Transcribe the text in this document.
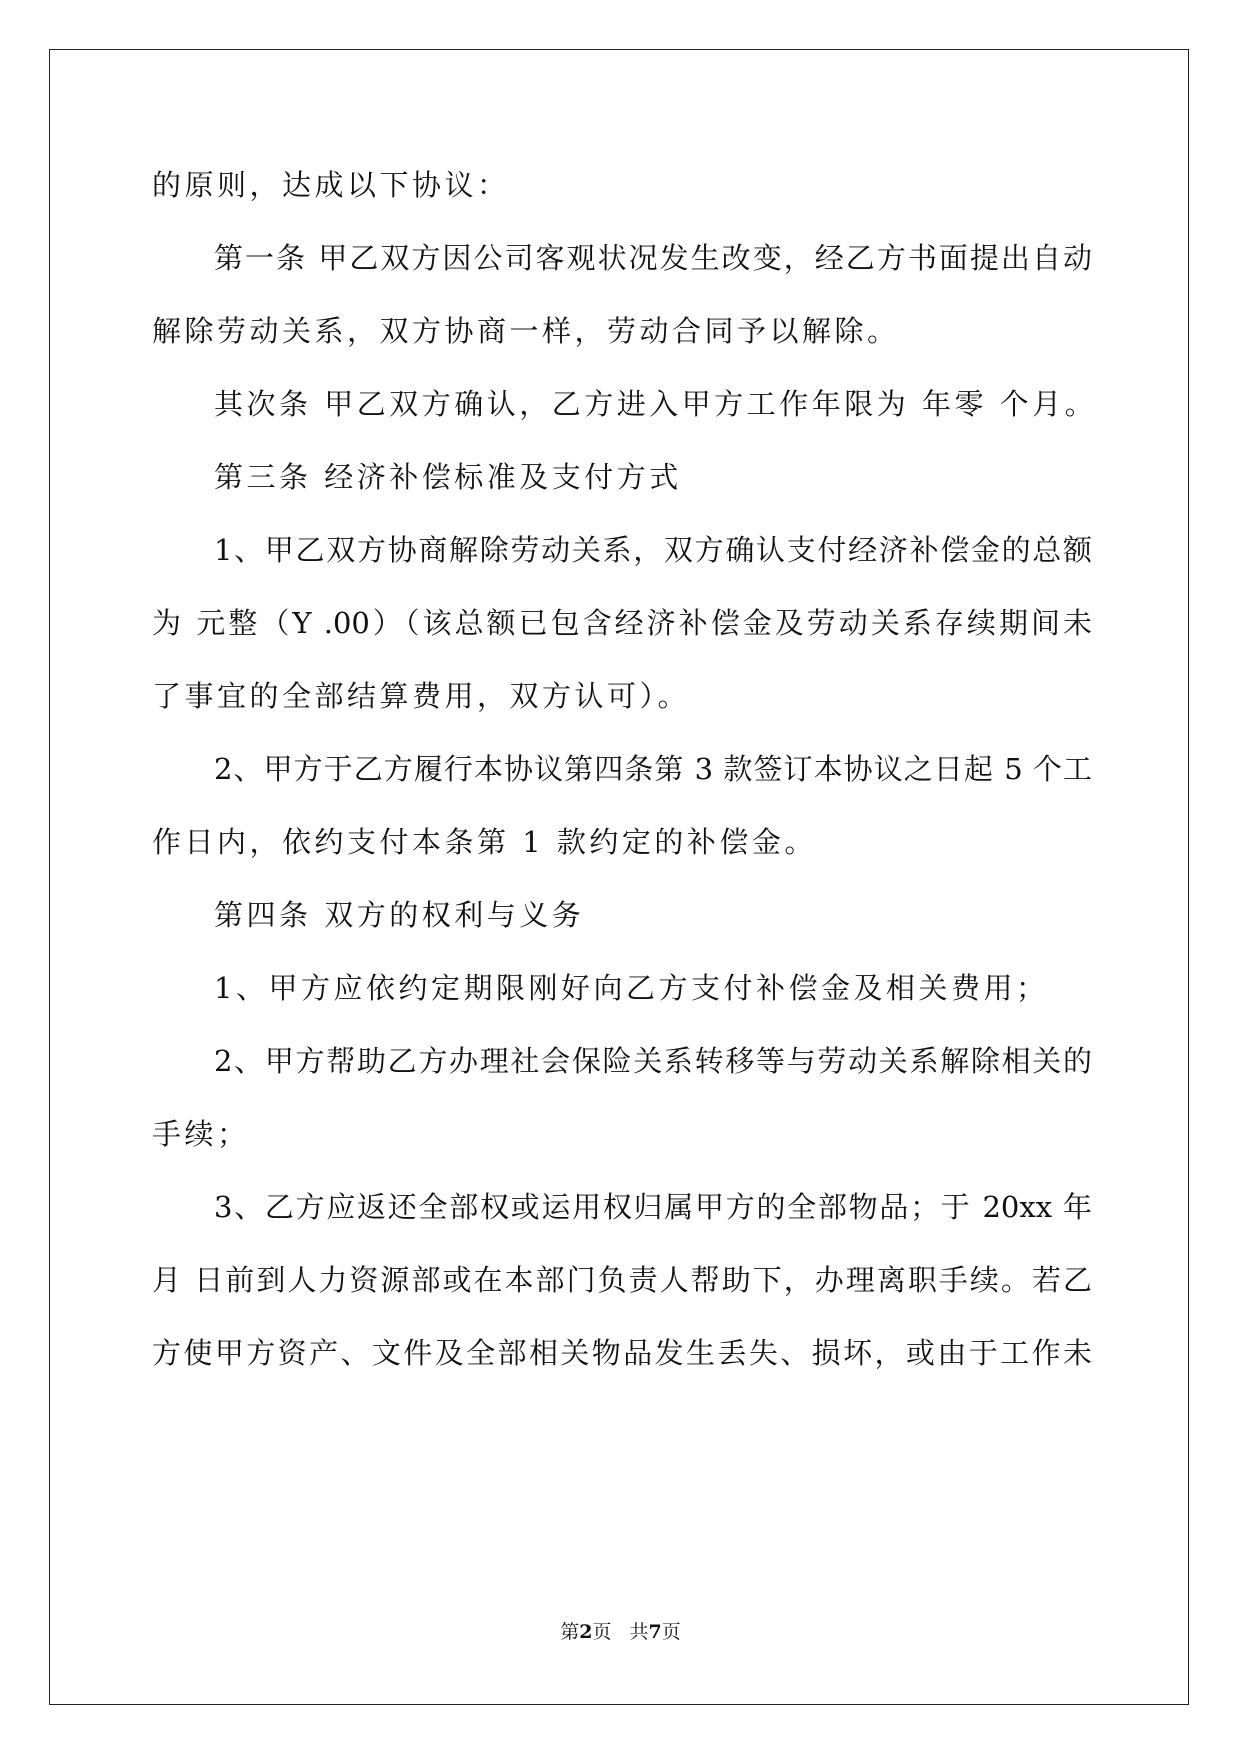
的原则，达成以下协议：
第一条 甲乙双方因公司客观状况发生改变，经乙方书面提出自动
解除劳动关系，双方协商一样，劳动合同予以解除。
其次条 甲乙双方确认，乙方进入甲方工作年限为 年零 个月。
第三条 经济补偿标准及支付方式
1、甲乙双方协商解除劳动关系，双方确认支付经济补偿金的总额
为 元整（Y .00）（该总额已包含经济补偿金及劳动关系存续期间未
了事宜的全部结算费用，双方认可）。
2、甲方于乙方履行本协议第四条第 3 款签订本协议之日起 5 个工
作日内，依约支付本条第 1 款约定的补偿金。
第四条 双方的权利与义务
1、甲方应依约定期限刚好向乙方支付补偿金及相关费用；
2、甲方帮助乙方办理社会保险关系转移等与劳动关系解除相关的
手续；
3、乙方应返还全部权或运用权归属甲方的全部物品；于 20xx 年
月 日前到人力资源部或在本部门负责人帮助下，办理离职手续。若乙
方使甲方资产、文件及全部相关物品发生丢失、损坏，或由于工作未
第2页 共7页
